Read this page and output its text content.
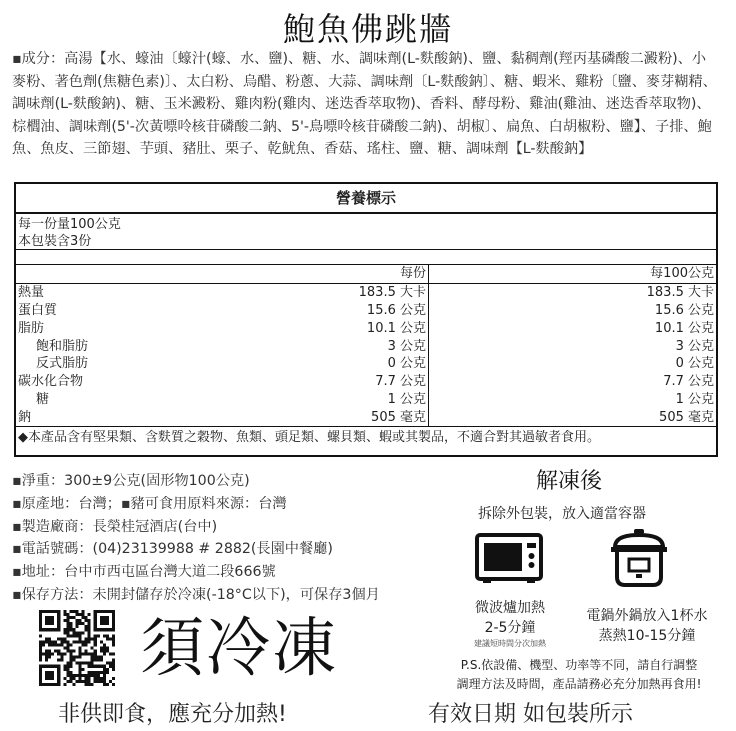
鮑魚佛跳牆
▪成分：高湯【水、蠔油〔蠔汁(蠔、水、鹽)、糖、水、調味劑(L-麩酸鈉)、鹽、黏稠劑(羥丙基磷酸二澱粉)、小麥粉、著色劑(焦糖色素)〕、太白粉、烏醋、粉蔥、大蒜、調味劑〔L-麩酸鈉〕、糖、蝦米、雞粉〔鹽、麥芽糊精、調味劑(L-麩酸鈉)、糖、玉米澱粉、雞肉粉(雞肉、迷迭香萃取物)、香料、酵母粉、雞油(雞油、迷迭香萃取物)、棕櫚油、調味劑(5'-次黃嘌呤核苷磷酸二鈉、5'-鳥嘌呤核苷磷酸二鈉)、胡椒〕、扁魚、白胡椒粉、鹽】、子排、鮑魚、魚皮、三節翅、芋頭、豬肚、栗子、乾魷魚、香菇、瑤柱、鹽、糖、調味劑【L-麩酸鈉】
營養標示
每一份量100公克
本包裝含3份
	每份	每100公克
熱量	183.5 大卡	183.5 大卡
蛋白質	15.6 公克	15.6 公克
脂肪	10.1 公克	10.1 公克
飽和脂肪	3 公克	3 公克
反式脂肪	0 公克	0 公克
碳水化合物	7.7 公克	7.7 公克
糖	1 公克	1 公克
鈉	505 毫克	505 毫克
◆本產品含有堅果類、含麩質之穀物、魚類、頭足類、螺貝類、蝦或其製品，不適合對其過敏者食用。
▪淨重：300±9公克(固形物100公克)
▪原產地：台灣；▪豬可食用原料來源：台灣
▪製造廠商：長榮桂冠酒店(台中)
▪電話號碼：(04)23139988 # 2882(長園中餐廳)
▪地址：台中市西屯區台灣大道二段666號
▪保存方法：未開封儲存於冷凍(-18°C以下)，可保存3個月
解凍後
拆除外包裝，放入適當容器
微波爐加熱
2-5分鐘
建議短時間分次加熱
電鍋外鍋放入1杯水
蒸熱10-15分鐘
P.S.依設備、機型、功率等不同，請自行調整
調理方法及時間，產品請務必充分加熱再食用!
須冷凍
非供即食，應充分加熱!	有效日期 如包裝所示
